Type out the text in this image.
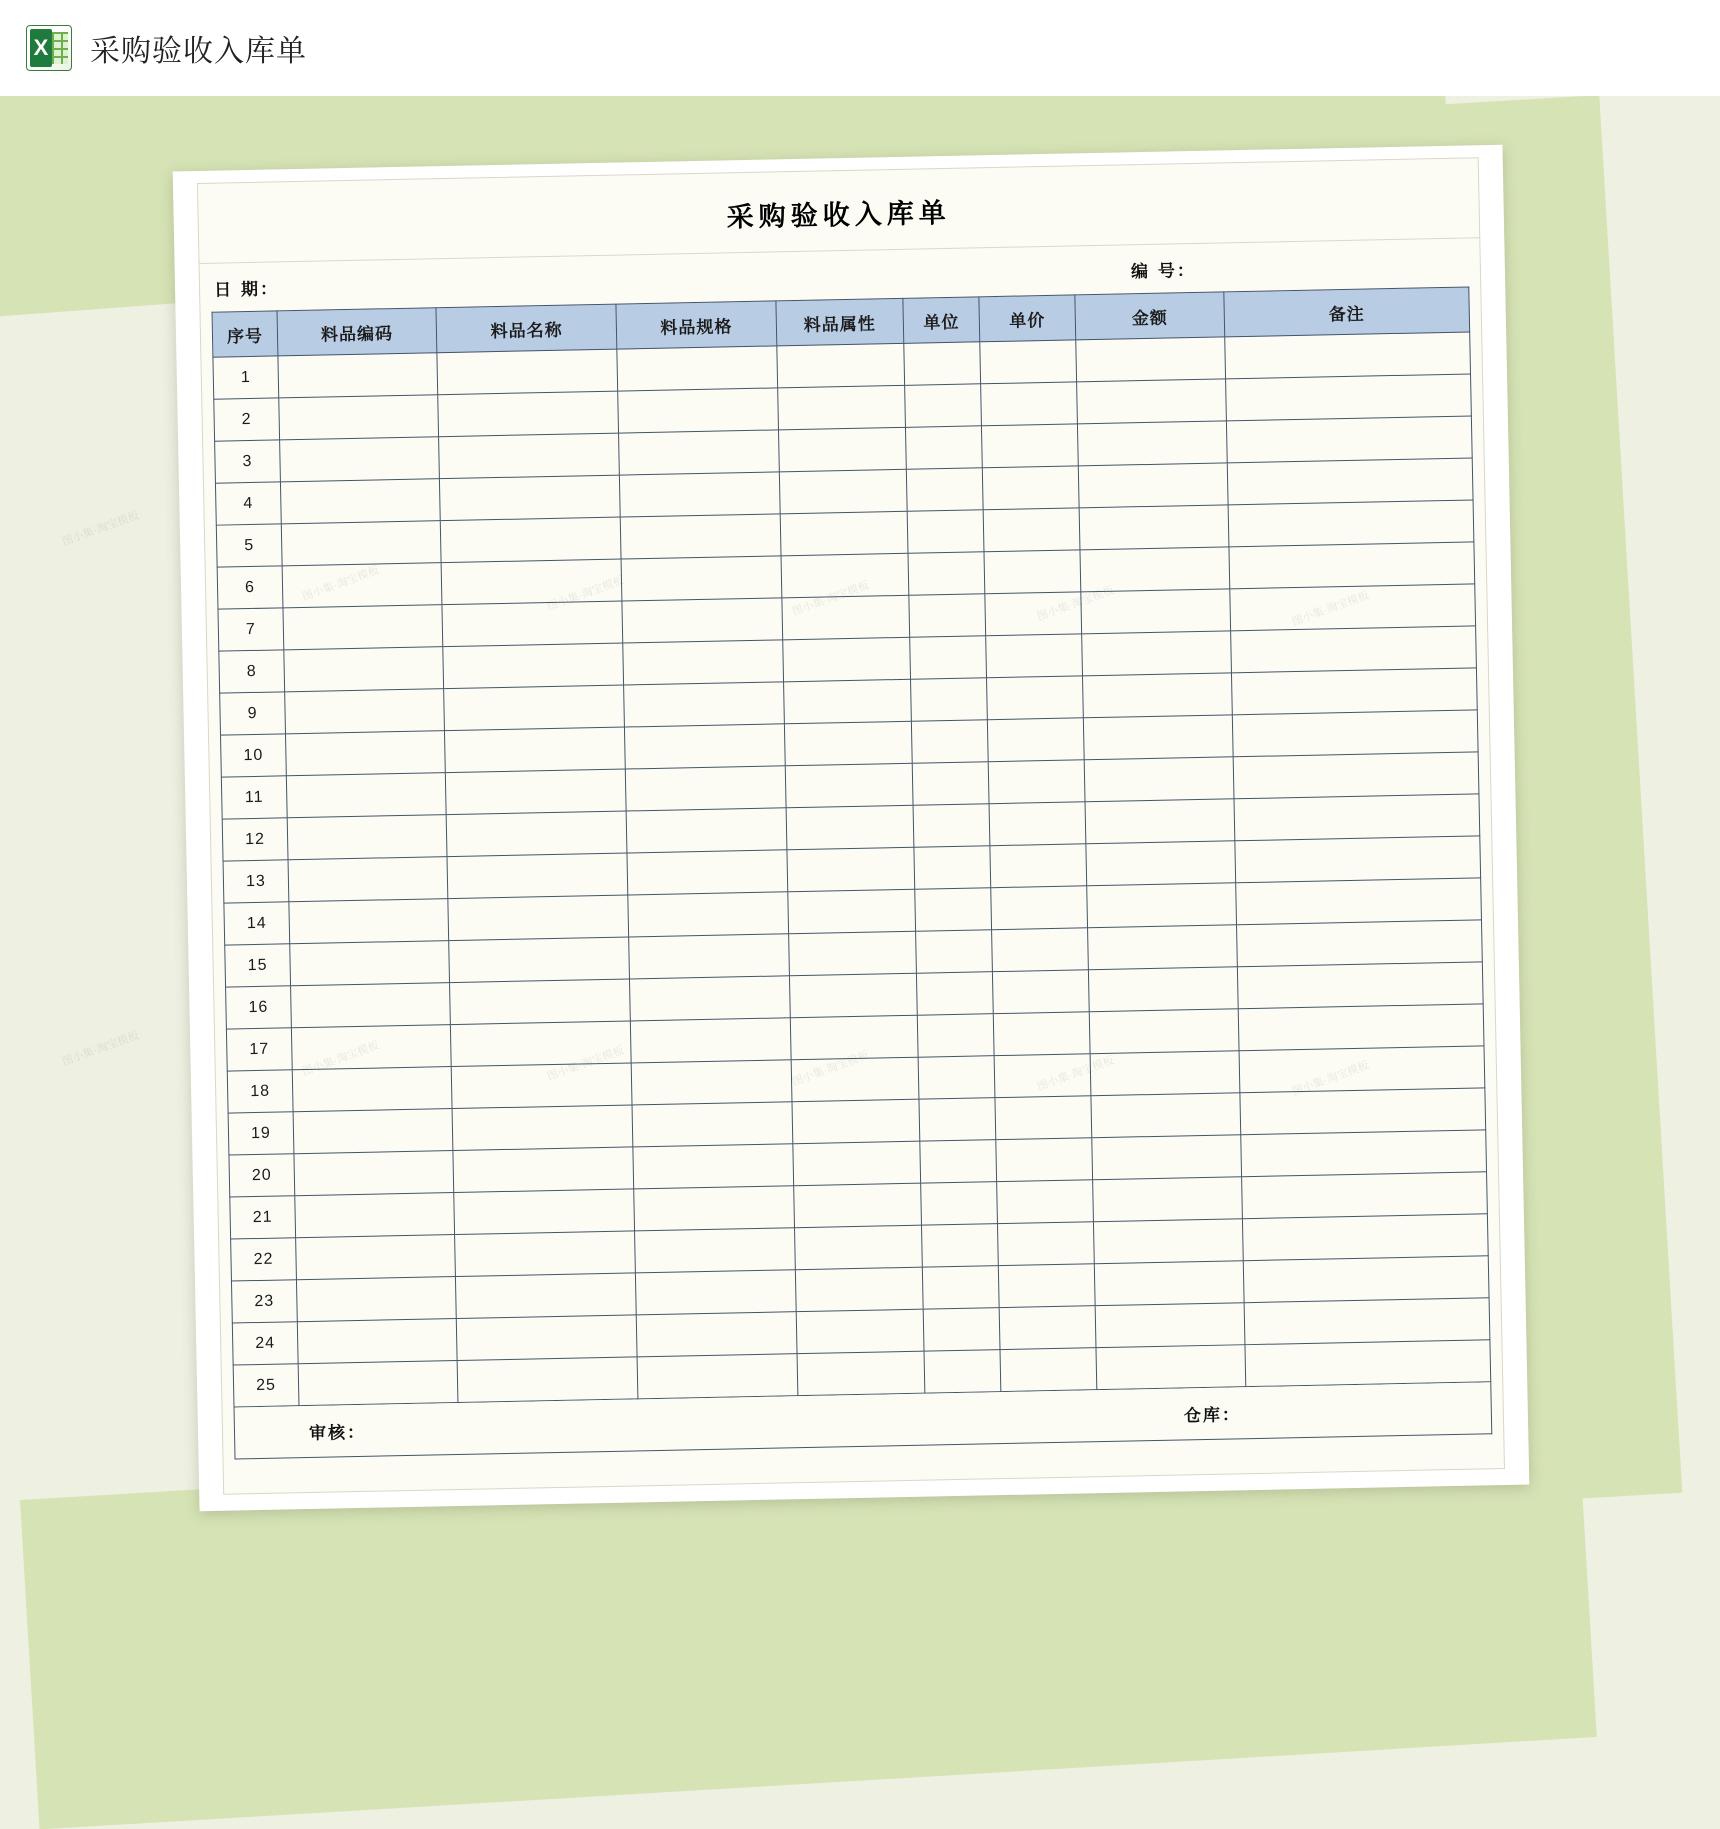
X 采购验收入库单
采购验收入库单
日 期：
编 号：
序号	料品编码	料品名称	料品规格	料品属性	单位	单价	金额	备注
1								
2								
3								
4								
5								
6								
7								
8								
9								
10								
11								
12								
13								
14								
15								
16								
17								
18								
19								
20								
21								
22								
23								
24								
25								
审核：
仓库：
图小集·淘宝模板
图小集·淘宝模板
